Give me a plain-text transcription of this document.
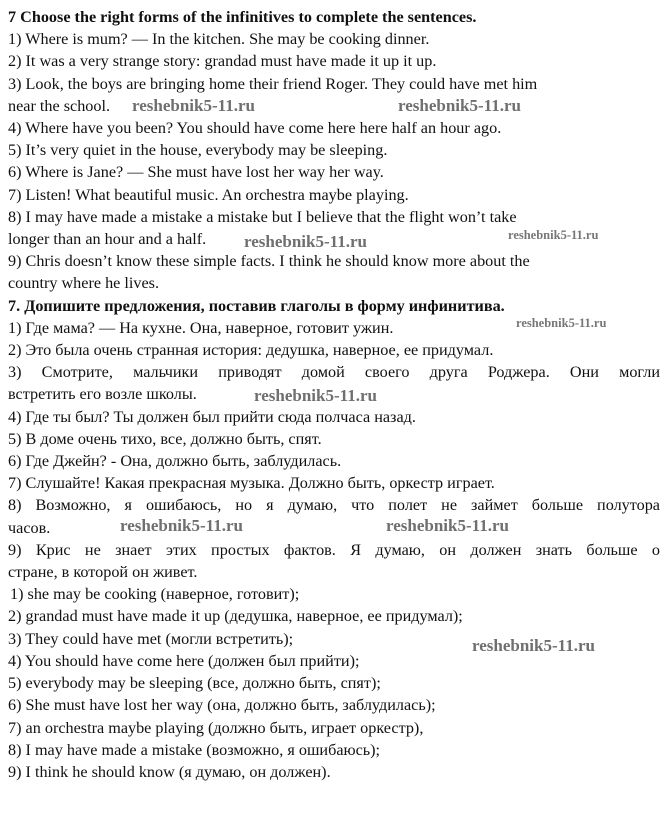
7 Choose the right forms of the infinitives to complete the sentences.
1) Where is mum? — In the kitchen. She may be cooking dinner.
2) It was a very strange story: grandad must have made it up it up.
3) Look, the boys are bringing home their friend Roger. They could have met him
near the school.
4) Where have you been? You should have come here here half an hour ago.
5) It’s very quiet in the house, everybody may be sleeping.
6) Where is Jane? — She must have lost her way her way.
7) Listen! What beautiful music. An orchestra maybe playing.
8) I may have made a mistake a mistake but I believe that the flight won’t take
longer than an hour and a half.
9) Chris doesn’t know these simple facts. I think he should know more about the
country where he lives.
7. Допишите предложения, поставив глаголы в форму инфинитива.
1) Где мама? — На кухне. Она, наверное, готовит ужин.
2) Это была очень странная история: дедушка, наверное, ее придумал.
3) Смотрите, мальчики приводят домой своего друга Роджера. Они могли
встретить его возле школы.
4) Где ты был? Ты должен был прийти сюда полчаса назад.
5) В доме очень тихо, все, должно быть, спят.
6) Где Джейн? - Она, должно быть, заблудилась.
7) Слушайте! Какая прекрасная музыка. Должно быть, оркестр играет.
8) Возможно, я ошибаюсь, но я думаю, что полет не займет больше полутора
часов.
9) Крис не знает этих простых фактов. Я думаю, он должен знать больше о
стране, в которой он живет.
1) she may be cooking (наверное, готовит);
2) grandad must have made it up (дедушка, наверное, ее придумал);
3) They could have met (могли встретить);
4) You should have come here (должен был прийти);
5) everybody may be sleeping (все, должно быть, спят);
6) She must have lost her way (она, должно быть, заблудилась);
7) an orchestra maybe playing (должно быть, играет оркестр),
8) I may have made a mistake (возможно, я ошибаюсь);
9) I think he should know (я думаю, он должен).
reshebnik5-11.ru	reshebnik5-11.ru
reshebnik5-11.ru	reshebnik5-11.ru
reshebnik5-11.ru
reshebnik5-11.ru
reshebnik5-11.ru	reshebnik5-11.ru
reshebnik5-11.ru
